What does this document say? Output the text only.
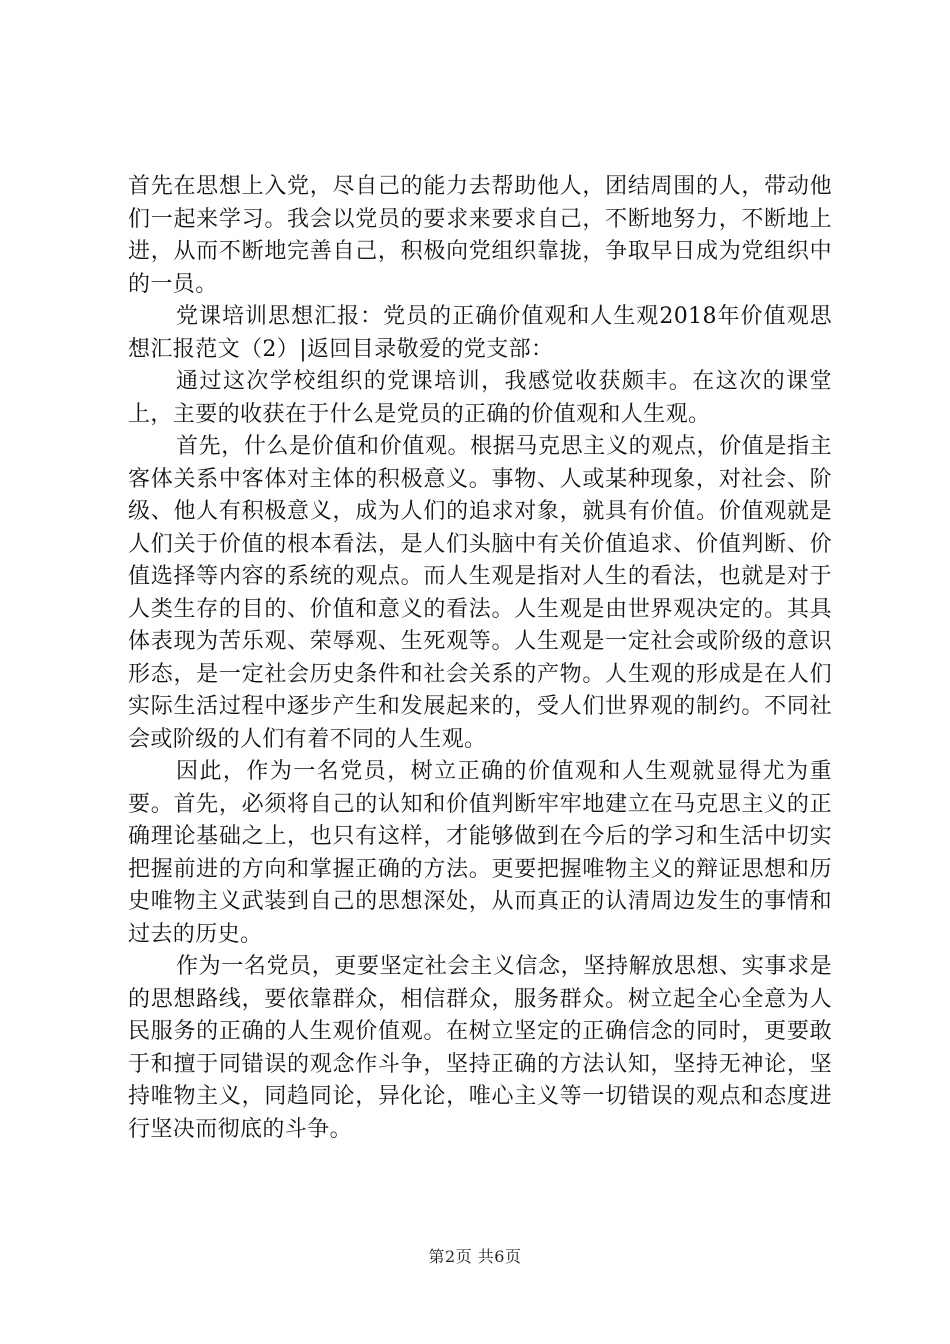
首先在思想上入党，尽自己的能力去帮助他人，团结周围的人，带动他们一起来学习。我会以党员的要求来要求自己，不断地努力，不断地上进，从而不断地完善自己，积极向党组织靠拢，争取早日成为党组织中的一员。

党课培训思想汇报：党员的正确价值观和人生观2018年价值观思想汇报范文（2）|返回目录敬爱的党支部：

通过这次学校组织的党课培训，我感觉收获颇丰。在这次的课堂上，主要的收获在于什么是党员的正确的价值观和人生观。

首先，什么是价值和价值观。根据马克思主义的观点，价值是指主客体关系中客体对主体的积极意义。事物、人或某种现象，对社会、阶级、他人有积极意义，成为人们的追求对象，就具有价值。价值观就是人们关于价值的根本看法，是人们头脑中有关价值追求、价值判断、价值选择等内容的系统的观点。而人生观是指对人生的看法，也就是对于人类生存的目的、价值和意义的看法。人生观是由世界观决定的。其具体表现为苦乐观、荣辱观、生死观等。人生观是一定社会或阶级的意识形态，是一定社会历史条件和社会关系的产物。人生观的形成是在人们实际生活过程中逐步产生和发展起来的，受人们世界观的制约。不同社会或阶级的人们有着不同的人生观。

因此，作为一名党员，树立正确的价值观和人生观就显得尤为重要。首先，必须将自己的认知和价值判断牢牢地建立在马克思主义的正确理论基础之上，也只有这样，才能够做到在今后的学习和生活中切实把握前进的方向和掌握正确的方法。更要把握唯物主义的辩证思想和历史唯物主义武装到自己的思想深处，从而真正的认清周边发生的事情和过去的历史。

作为一名党员，更要坚定社会主义信念，坚持解放思想、实事求是的思想路线，要依靠群众，相信群众，服务群众。树立起全心全意为人民服务的正确的人生观价值观。在树立坚定的正确信念的同时，更要敢于和擅于同错误的观念作斗争，坚持正确的方法认知，坚持无神论，坚持唯物主义，同趋同论，异化论，唯心主义等一切错误的观点和态度进行坚决而彻底的斗争。

第2页 共6页
